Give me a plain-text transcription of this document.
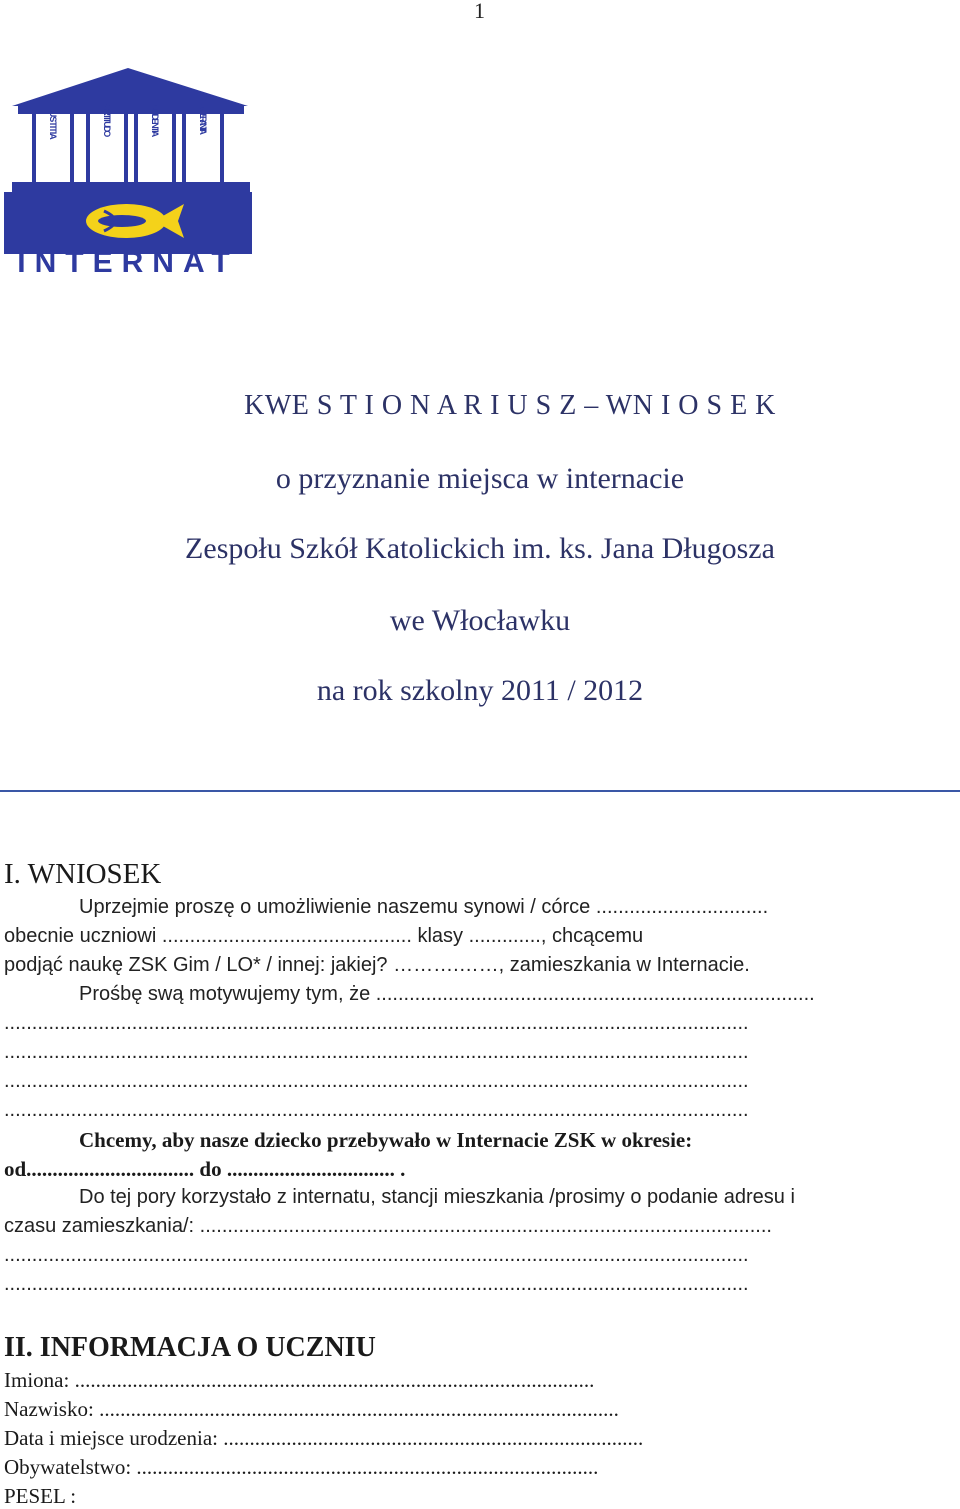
1
IUSTITIA	FORTITUDO	PRUDENTIA	TEMPERANTIA
INTERNAT
KWE S T I O N A R I U S Z – WN I O S E K
o przyznanie miejsca w internacie
Zespołu Szkół Katolickich im. ks. Jana Długosza
we Włocławku
na rok szkolny 2011 / 2012
I. WNIOSEK
Uprzejmie proszę o umożliwienie naszemu synowi / córce ...............................
obecnie uczniowi ............................................. klasy ............., chcącemu
podjąć naukę ZSK Gim / LO* / innej: jakiej? ……….……, zamieszkania w Internacie.
Prośbę swą motywujemy tym, że ...............................................................................
......................................................................................................................................
......................................................................................................................................
......................................................................................................................................
......................................................................................................................................
Chcemy, aby nasze dziecko przebywało w Internacie ZSK w okresie:
od................................ do ................................ .
Do tej pory korzystało z internatu, stancji mieszkania /prosimy o podanie adresu i
czasu zamieszkania/: .......................................................................................................
......................................................................................................................................
......................................................................................................................................
II. INFORMACJA O UCZNIU
Imiona: ...................................................................................................
Nazwisko: ...................................................................................................
Data i miejsce urodzenia: ................................................................................
Obywatelstwo: ........................................................................................
PESEL :
